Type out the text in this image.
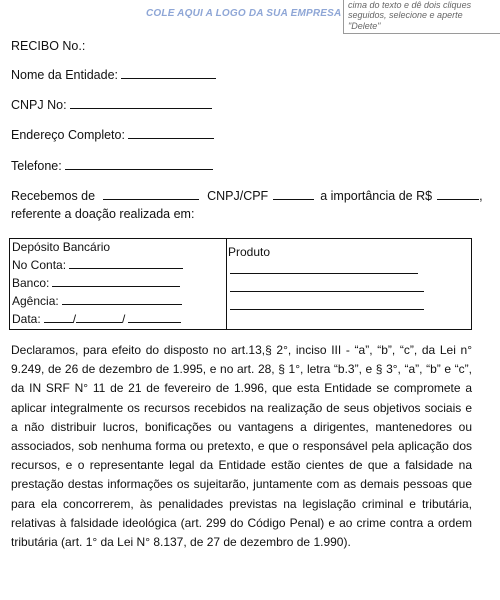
COLE AQUI A LOGO DA SUA EMPRESA
cima do texto e dê dois cliques
seguidos, selecione e aperte
"Delete"
RECIBO No.:
Nome da Entidade:
CNPJ No:
Endereço Completo:
Telefone:
Recebemos de	CNPJ/CPF	a importância de R$	,
referente a doação realizada em:
Depósito Bancário
No Conta:
Banco:
Agência:
Data:	/	/
Produto

Declaramos, para efeito do disposto no art.13,§ 2°, inciso III - “a”, “b”, “c”, da Lei n° 9.249, de 26 de dezembro de 1.995, e no art. 28, § 1°, letra “b.3”, e § 3°, “a”, “b” e “c”, da IN SRF N° 11 de 21 de fevereiro de 1.996, que esta Entidade se compromete a aplicar integralmente os recursos recebidos na realização de seus objetivos sociais e a não distribuir lucros, bonificações ou vantagens a dirigentes, mantenedores ou associados, sob nenhuma forma ou pretexto, e que o responsável pela aplicação dos recursos, e o representante legal da Entidade estão cientes de que a falsidade na prestação destas informações os sujeitarão, juntamente com as demais pessoas que para ela concorrerem, às penalidades previstas na legislação criminal e tributária, relativas à falsidade ideológica (art. 299 do Código Penal) e ao crime contra a ordem tributária (art. 1° da Lei N° 8.137, de 27 de dezembro de 1.990).
